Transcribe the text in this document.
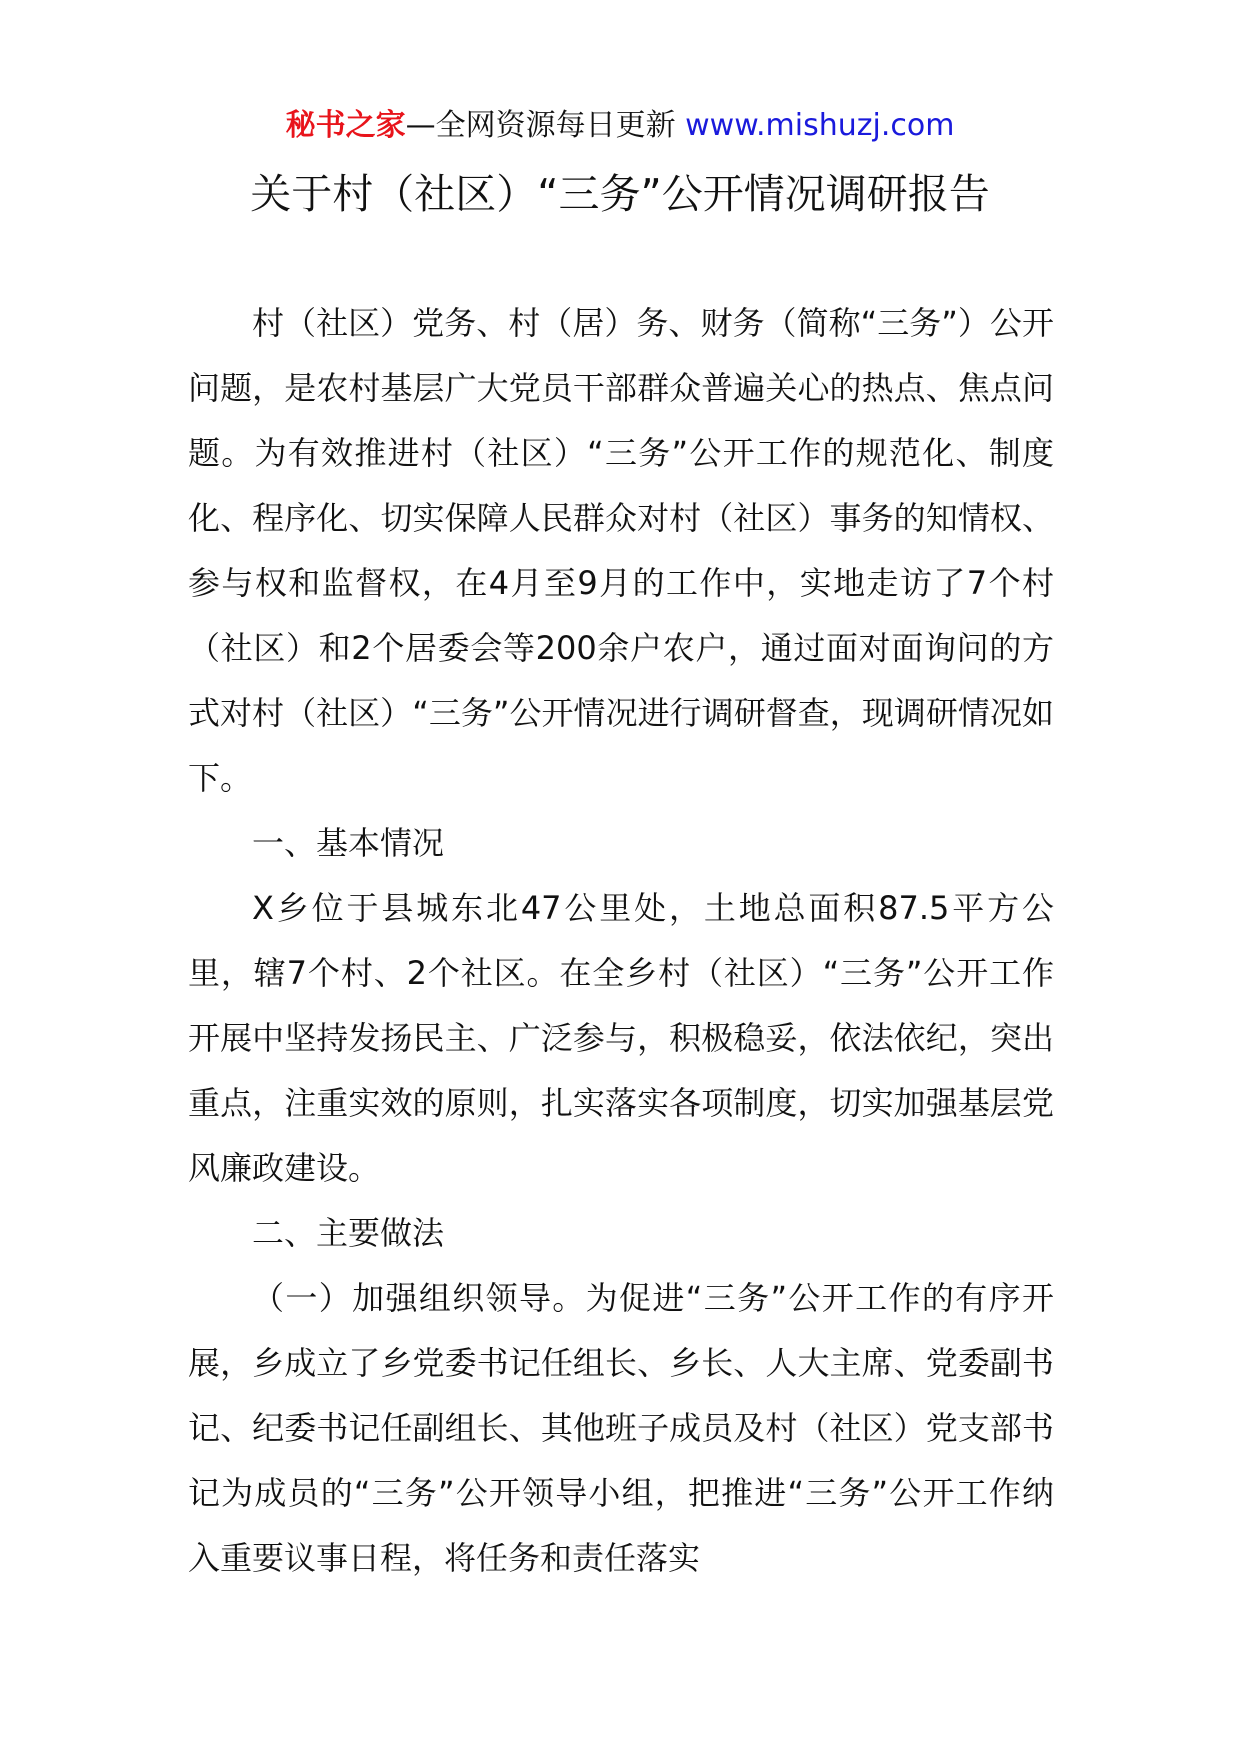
秘书之家—全网资源每日更新 www.mishuzj.com
关于村（社区）“三务”公开情况调研报告

村（社区）党务、村（居）务、财务（简称“三务”）公开问题，是农村基层广大党员干部群众普遍关心的热点、焦点问题。为有效推进村（社区）“三务”公开工作的规范化、制度化、程序化、切实保障人民群众对村（社区）事务的知情权、参与权和监督权，在4月至9月的工作中，实地走访了7个村（社区）和2个居委会等200余户农户，通过面对面询问的方式对村（社区）“三务”公开情况进行调研督查，现调研情况如下。

一、基本情况

X乡位于县城东北47公里处，土地总面积87.5平方公里，辖7个村、2个社区。在全乡村（社区）“三务”公开工作开展中坚持发扬民主、广泛参与，积极稳妥，依法依纪，突出重点，注重实效的原则，扎实落实各项制度，切实加强基层党风廉政建设。

二、主要做法

（一）加强组织领导。为促进“三务”公开工作的有序开展，乡成立了乡党委书记任组长、乡长、人大主席、党委副书记、纪委书记任副组长、其他班子成员及村（社区）党支部书记为成员的“三务”公开领导小组，把推进“三务”公开工作纳入重要议事日程，将任务和责任落实
